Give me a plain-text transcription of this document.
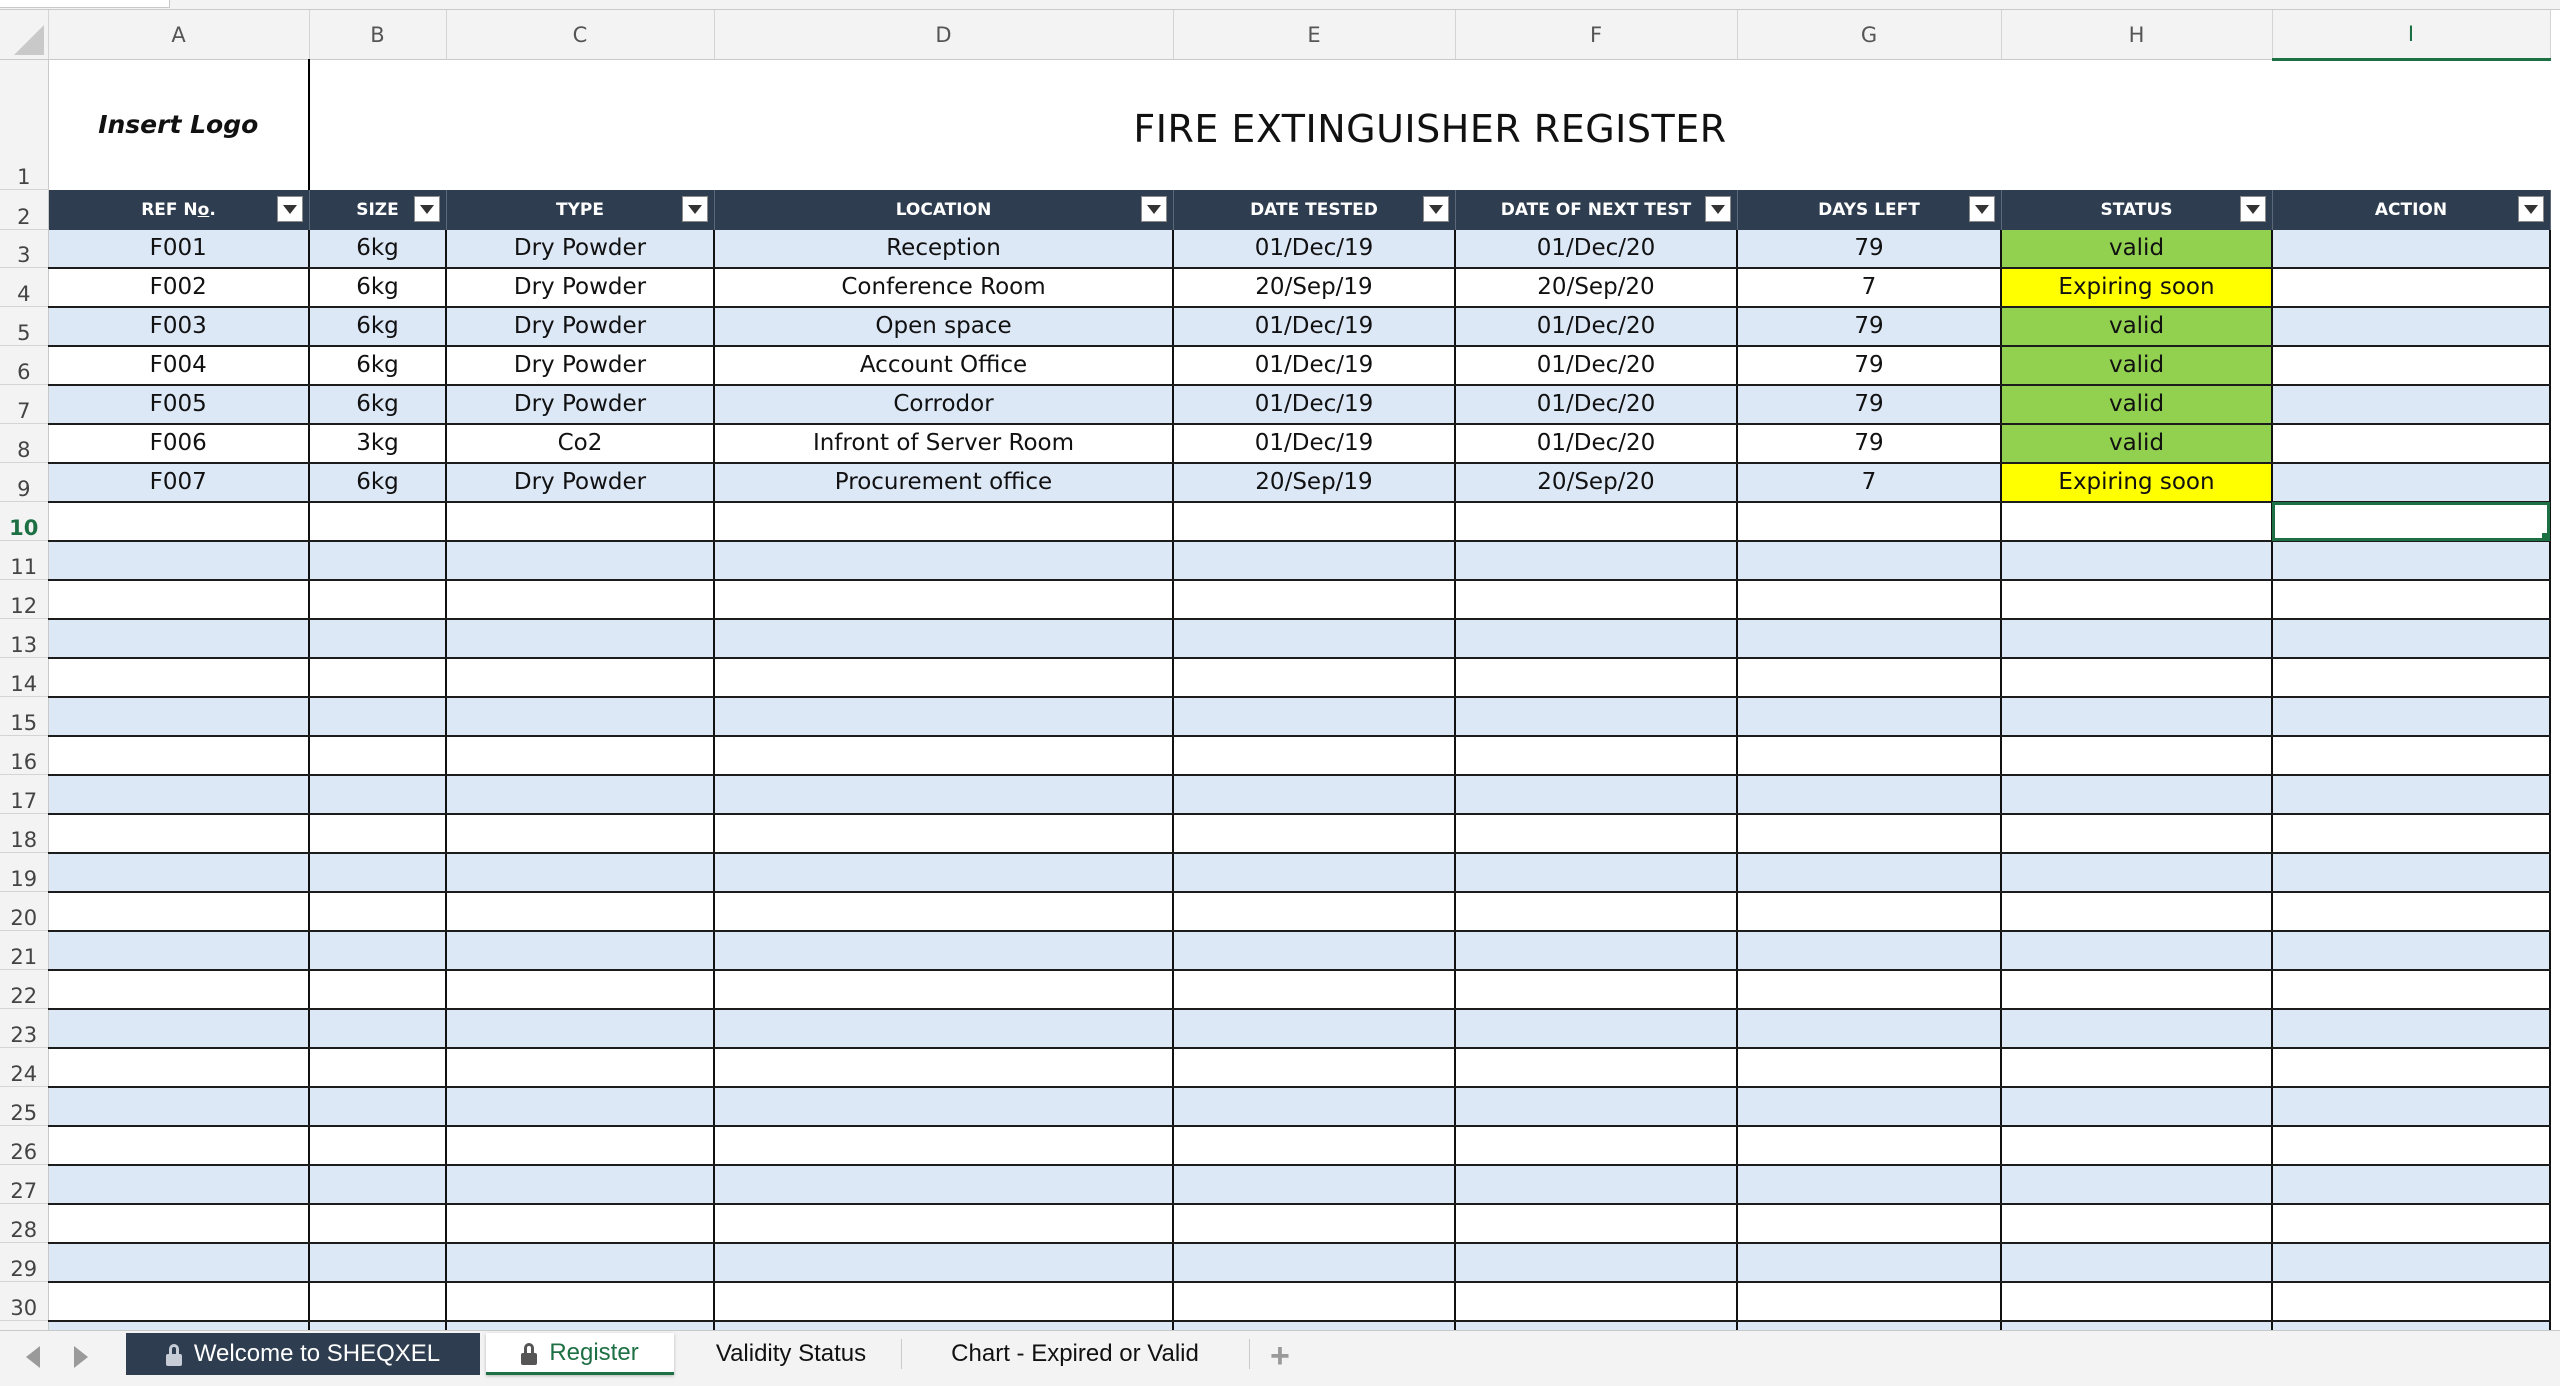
	A	B	C	D	E	F	G	H	I
1	Insert Logo	FIRE EXTINGUISHER REGISTER							
2	REF No.	SIZE	TYPE	LOCATION	DATE TESTED	DATE OF NEXT TEST	DAYS LEFT	STATUS	ACTION

3	F001	6kg	Dry Powder	Reception	01/Dec/19	01/Dec/20	79	valid	
4	F002	6kg	Dry Powder	Conference Room	20/Sep/19	20/Sep/20	7	Expiring soon	
5	F003	6kg	Dry Powder	Open space	01/Dec/19	01/Dec/20	79	valid	
6	F004	6kg	Dry Powder	Account Office	01/Dec/19	01/Dec/20	79	valid	
7	F005	6kg	Dry Powder	Corrodor	01/Dec/19	01/Dec/20	79	valid	
8	F006	3kg	Co2	Infront of Server Room	01/Dec/19	01/Dec/20	79	valid	
9	F007	6kg	Dry Powder	Procurement office	20/Sep/19	20/Sep/20	7	Expiring soon	
10									

11									
12									
13									
14									
15									
16									
17									
18									
19									
20									
21									
22									
23									
24									
25									
26									
27									
28									
29									
30									

Welcome to SHEQXEL	Register	Validity Status	Chart - Expired or Valid +
